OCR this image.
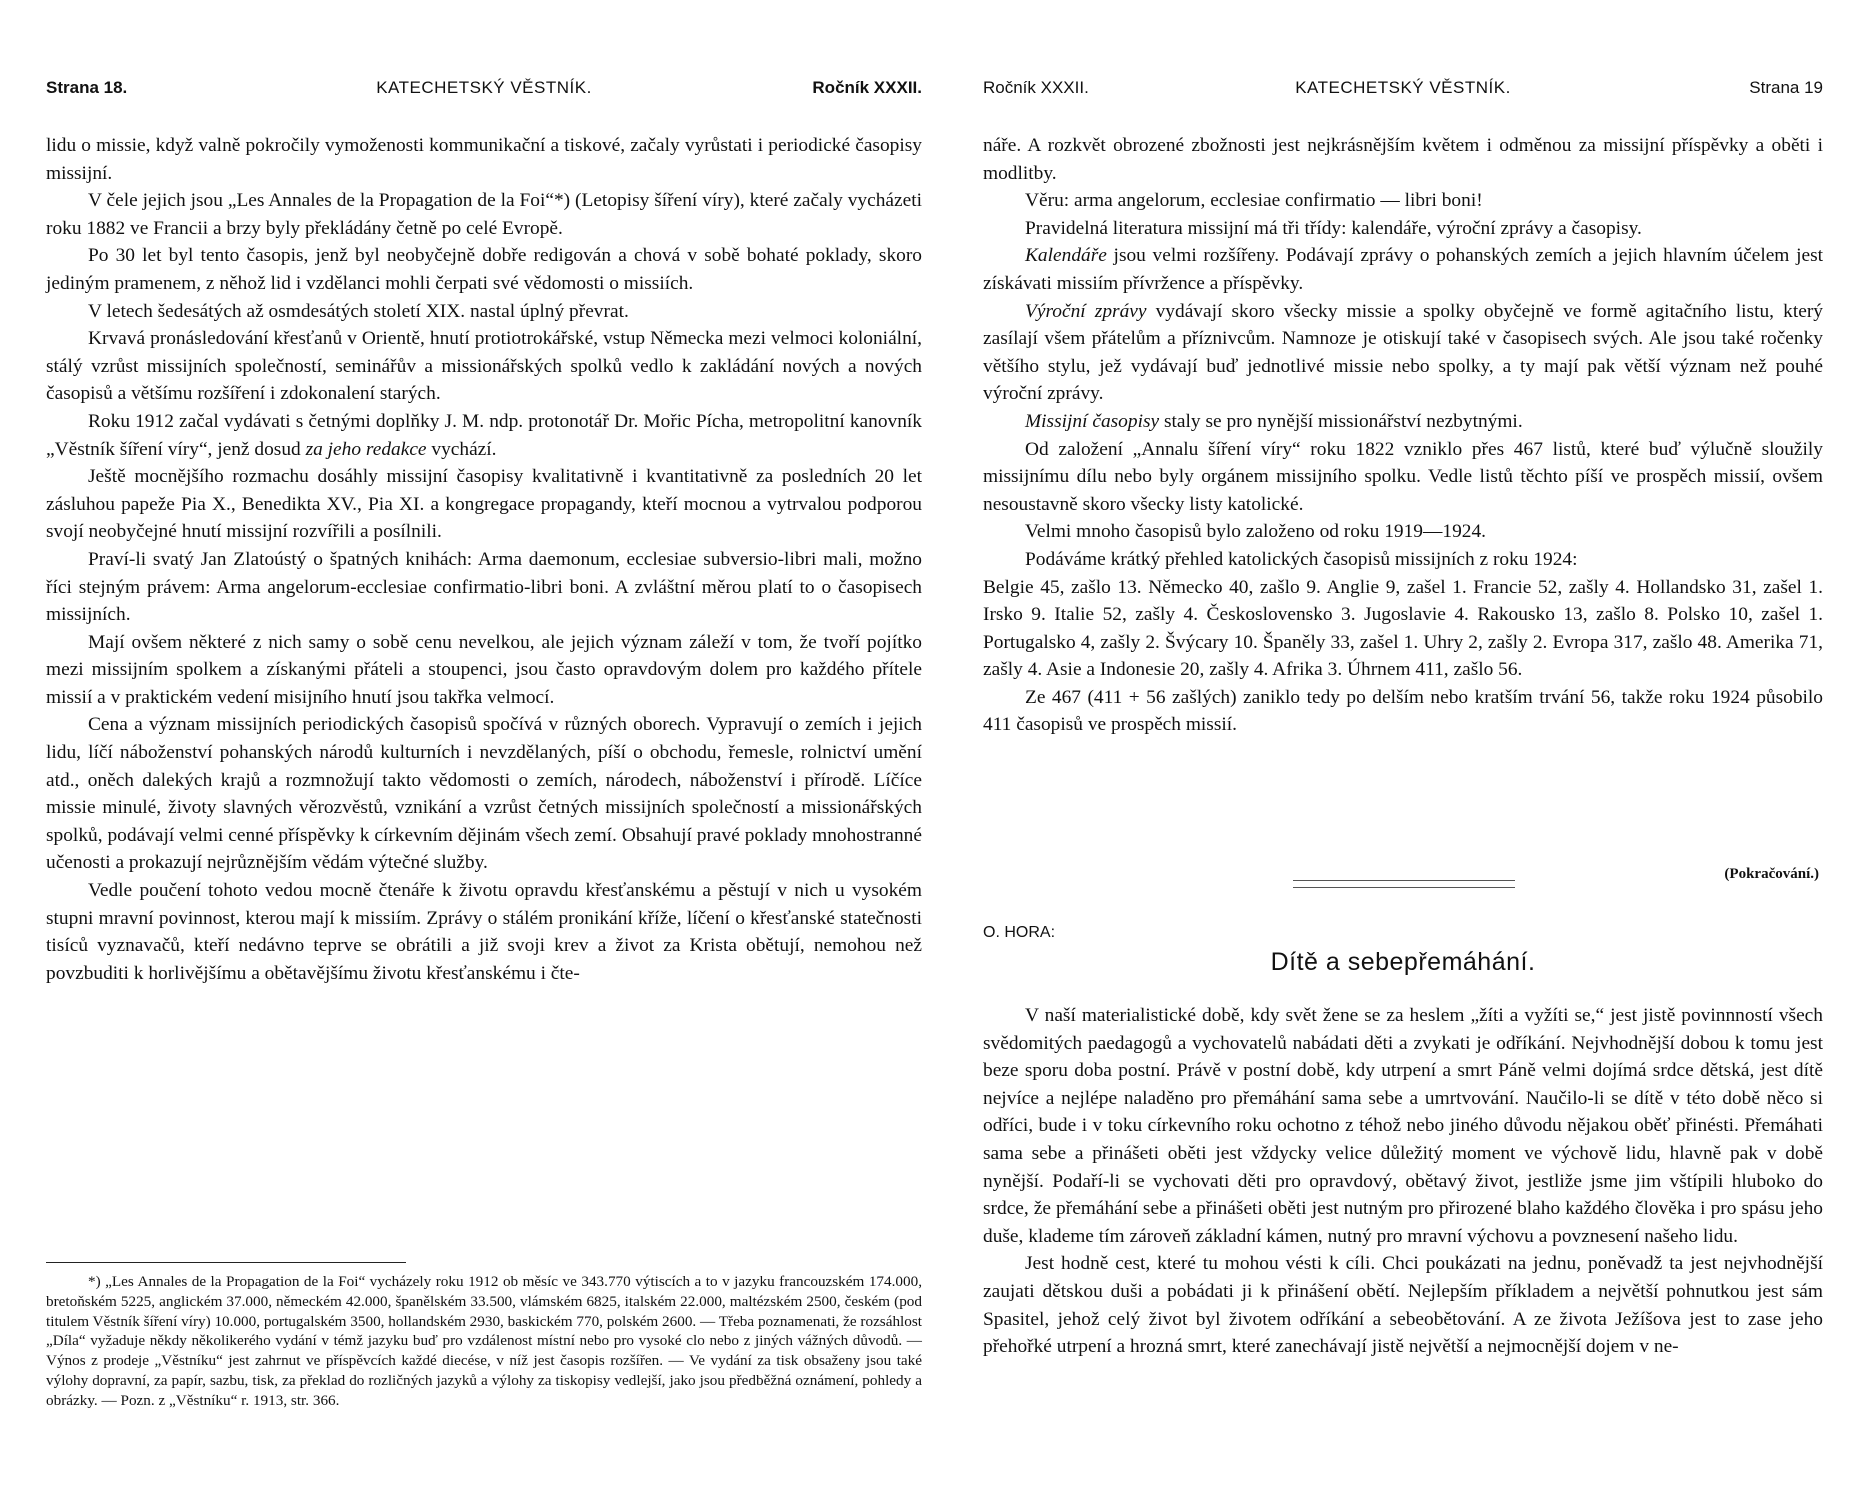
Strana 18.	KATECHETSKÝ VĚSTNÍK.	Ročník XXXII.

lidu o missie, když valně pokročily vymoženosti kommunikační a tiskové, začaly vyrůstati i periodické časopisy missijní.

V čele jejich jsou „Les Annales de la Propagation de la Foi“*) (Letopisy šíření víry), které začaly vycházeti roku 1882 ve Francii a brzy byly překládány četně po celé Evropě.

Po 30 let byl tento časopis, jenž byl neobyčejně dobře redigován a chová v sobě bohaté poklady, skoro jediným pramenem, z něhož lid i vzdělanci mohli čerpati své vědomosti o missiích.

V letech šedesátých až osmdesátých století XIX. nastal úplný převrat.

Krvavá pronásledování křesťanů v Orientě, hnutí protiotrokářské, vstup Německa mezi velmoci koloniální, stálý vzrůst missijních společností, seminářův a missionářských spolků vedlo k zakládání nových a nových časopisů a většímu rozšíření i zdokonalení starých.

Roku 1912 začal vydávati s četnými doplňky J. M. ndp. protonotář Dr. Mořic Pícha, metropolitní kanovník „Věstník šíření víry“, jenž dosud za jeho redakce vychází.

Ještě mocnějšího rozmachu dosáhly missijní časopisy kvalitativně i kvantitativně za posledních 20 let zásluhou papeže Pia X., Benedikta XV., Pia XI. a kongregace propagandy, kteří mocnou a vytrvalou podporou svojí neobyčejné hnutí missijní rozvířili a posílnili.

Praví-li svatý Jan Zlatoústý o špatných knihách: Arma daemonum, ecclesiae subversio-libri mali, možno říci stejným právem: Arma angelorum-ecclesiae confirmatio-libri boni. A zvláštní měrou platí to o časopisech missijních.

Mají ovšem některé z nich samy o sobě cenu nevelkou, ale jejich význam záleží v tom, že tvoří pojítko mezi missijním spolkem a získanými přáteli a stoupenci, jsou často opravdovým dolem pro každého přítele missií a v praktickém vedení misijního hnutí jsou takřka velmocí.

Cena a význam missijních periodických časopisů spočívá v různých oborech. Vypravují o zemích i jejich lidu, líčí náboženství pohanských národů kulturních i nevzdělaných, píší o obchodu, řemesle, rolnictví umění atd., oněch dalekých krajů a rozmnožují takto vědomosti o zemích, národech, náboženství i přírodě. Líčíce missie minulé, životy slavných věrozvěstů, vznikání a vzrůst četných missijních společností a missionářských spolků, podávají velmi cenné příspěvky k církevním dějinám všech zemí. Obsahují pravé poklady mnohostranné učenosti a prokazují nejrůznějším vědám výtečné služby.

Vedle poučení tohoto vedou mocně čtenáře k životu opravdu křesťanskému a pěstují v nich u vysokém stupni mravní povinnost, kterou mají k missiím. Zprávy o stálém pronikání kříže, líčení o křesťanské statečnosti tisíců vyznavačů, kteří nedávno teprve se obrátili a již svoji krev a život za Krista obětují, nemohou než povzbuditi k horlivějšímu a obětavějšímu životu křesťanskému i čte-

*) „Les Annales de la Propagation de la Foi“ vycházely roku 1912 ob měsíc ve 343.770 výtiscích a to v jazyku francouzském 174.000, bretoňském 5225, anglickém 37.000, německém 42.000, španělském 33.500, vlámském 6825, italském 22.000, maltézském 2500, českém (pod titulem Věstník šíření víry) 10.000, portugalském 3500, hollandském 2930, baskickém 770, polském 2600. — Třeba poznamenati, že rozsáhlost „Díla“ vyžaduje někdy několikerého vydání v témž jazyku buď pro vzdálenost místní nebo pro vysoké clo nebo z jiných vážných důvodů. — Výnos z prodeje „Věstníku“ jest zahrnut ve příspěvcích každé diecése, v níž jest časopis rozšířen. — Ve vydání za tisk obsaženy jsou také výlohy dopravní, za papír, sazbu, tisk, za překlad do rozličných jazyků a výlohy za tiskopisy vedlejší, jako jsou předběžná oznámení, pohledy a obrázky. — Pozn. z „Věstníku“ r. 1913, str. 366.
Ročník XXXII.	KATECHETSKÝ VĚSTNÍK.	Strana 19

náře. A rozkvět obrozené zbožnosti jest nejkrásnějším květem i odměnou za missijní příspěvky a oběti i modlitby.

Věru: arma angelorum, ecclesiae confirmatio — libri boni!

Pravidelná literatura missijní má tři třídy: kalendáře, výroční zprávy a časopisy.

Kalendáře jsou velmi rozšířeny. Podávají zprávy o pohanských zemích a jejich hlavním účelem jest získávati missiím přívržence a příspěvky.

Výroční zprávy vydávají skoro všecky missie a spolky obyčejně ve formě agitačního listu, který zasílají všem přátelům a příznivcům. Namnoze je otiskují také v časopisech svých. Ale jsou také ročenky většího stylu, jež vydávají buď jednotlivé missie nebo spolky, a ty mají pak větší význam než pouhé výroční zprávy.

Missijní časopisy staly se pro nynější missionářství nezbytnými.

Od založení „Annalu šíření víry“ roku 1822 vzniklo přes 467 listů, které buď výlučně sloužily missijnímu dílu nebo byly orgánem missijního spolku. Vedle listů těchto píší ve prospěch missií, ovšem nesoustavně skoro všecky listy katolické.

Velmi mnoho časopisů bylo založeno od roku 1919—1924.

Podáváme krátký přehled katolických časopisů missijních z roku 1924:

Belgie 45, zašlo 13. Německo 40, zašlo 9. Anglie 9, zašel 1. Francie 52, zašly 4. Hollandsko 31, zašel 1. Irsko 9. Italie 52, zašly 4. Československo 3. Jugoslavie 4. Rakousko 13, zašlo 8. Polsko 10, zašel 1. Portugalsko 4, zašly 2. Švýcary 10. Španěly 33, zašel 1. Uhry 2, zašly 2. Evropa 317, zašlo 48. Amerika 71, zašly 4. Asie a Indonesie 20, zašly 4. Afrika 3. Úhrnem 411, zašlo 56.

Ze 467 (411 + 56 zašlých) zaniklo tedy po delším nebo kratším trvání 56, takže roku 1924 působilo 411 časopisů ve prospěch missií.

(Pokračování.)
O. HORA:
Dítě a sebepřemáhání.

V naší materialistické době, kdy svět žene se za heslem „žíti a vyžíti se,“ jest jistě povinnností všech svědomitých paedagogů a vychovatelů nabádati děti a zvykati je odříkání. Nejvhodnější dobou k tomu jest beze sporu doba postní. Právě v postní době, kdy utrpení a smrt Páně velmi dojímá srdce dětská, jest dítě nejvíce a nejlépe naladěno pro přemáhání sama sebe a umrtvování. Naučilo-li se dítě v této době něco si odříci, bude i v toku církevního roku ochotno z téhož nebo jiného důvodu nějakou oběť přinésti. Přemáhati sama sebe a přinášeti oběti jest vždycky velice důležitý moment ve výchově lidu, hlavně pak v době nynější. Podaří-li se vychovati děti pro opravdový, obětavý život, jestliže jsme jim vštípili hluboko do srdce, že přemáhání sebe a přinášeti oběti jest nutným pro přirozené blaho každého člověka i pro spásu jeho duše, klademe tím zároveň základní kámen, nutný pro mravní výchovu a povznesení našeho lidu.

Jest hodně cest, které tu mohou vésti k cíli. Chci poukázati na jednu, poněvadž ta jest nejvhodnější zaujati dětskou duši a pobádati ji k přinášení obětí. Nejlepším příkladem a největší pohnutkou jest sám Spasitel, jehož celý život byl životem odříkání a sebeobětování. A ze života Ježíšova jest to zase jeho přehořké utrpení a hrozná smrt, které zanechávají jistě největší a nejmocnější dojem v ne-
